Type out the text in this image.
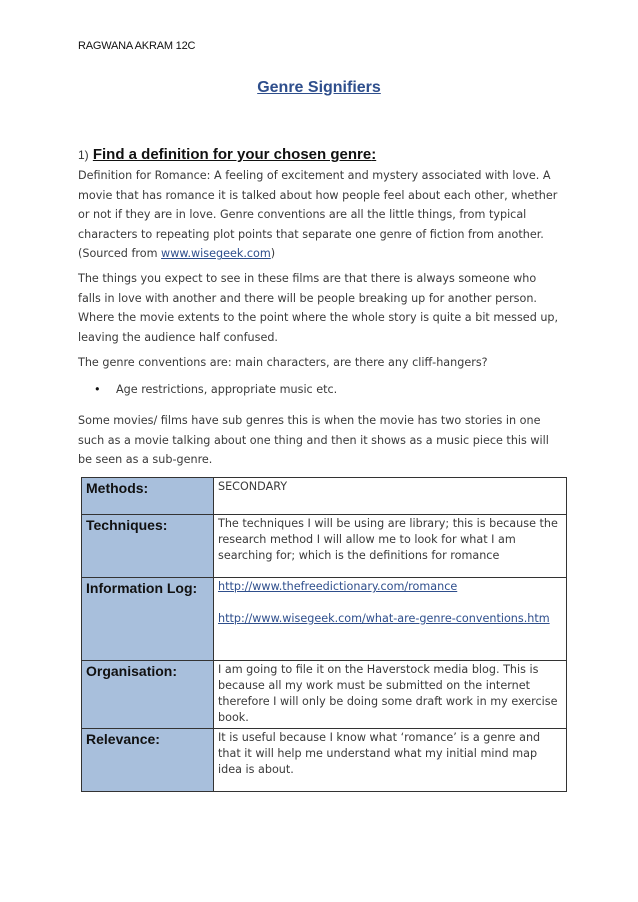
RAGWANA AKRAM 12C
Genre Signifiers
1) Find a definition for your chosen genre:

Definition for Romance: A feeling of excitement and mystery associated with love. A movie that has romance it is talked about how people feel about each other, whether or not if they are in love. Genre conventions are all the little things, from typical characters to repeating plot points that separate one genre of fiction from another. (Sourced from www.wisegeek.com)

The things you expect to see in these films are that there is always someone who falls in love with another and there will be people breaking up for another person. Where the movie extents to the point where the whole story is quite a bit messed up, leaving the audience half confused.

The genre conventions are: main characters, are there any cliff-hangers?

• Age restrictions, appropriate music etc.

Some movies/ films have sub genres this is when the movie has two stories in one such as a movie talking about one thing and then it shows as a music piece this will be seen as a sub-genre.

Methods:	SECONDARY
Techniques:	The techniques I will be using are library; this is because the research method I will allow me to look for what I am searching for; which is the definitions for romance
Information Log:	http://www.thefreedictionary.com/romance
http://www.wisegeek.com/what-are-genre-conventions.htm

Organisation:	I am going to file it on the Haverstock media blog. This is because all my work must be submitted on the internet therefore I will only be doing some draft work in my exercise book.
Relevance:	It is useful because I know what ‘romance’ is a genre and that it will help me understand what my initial mind map idea is about.
